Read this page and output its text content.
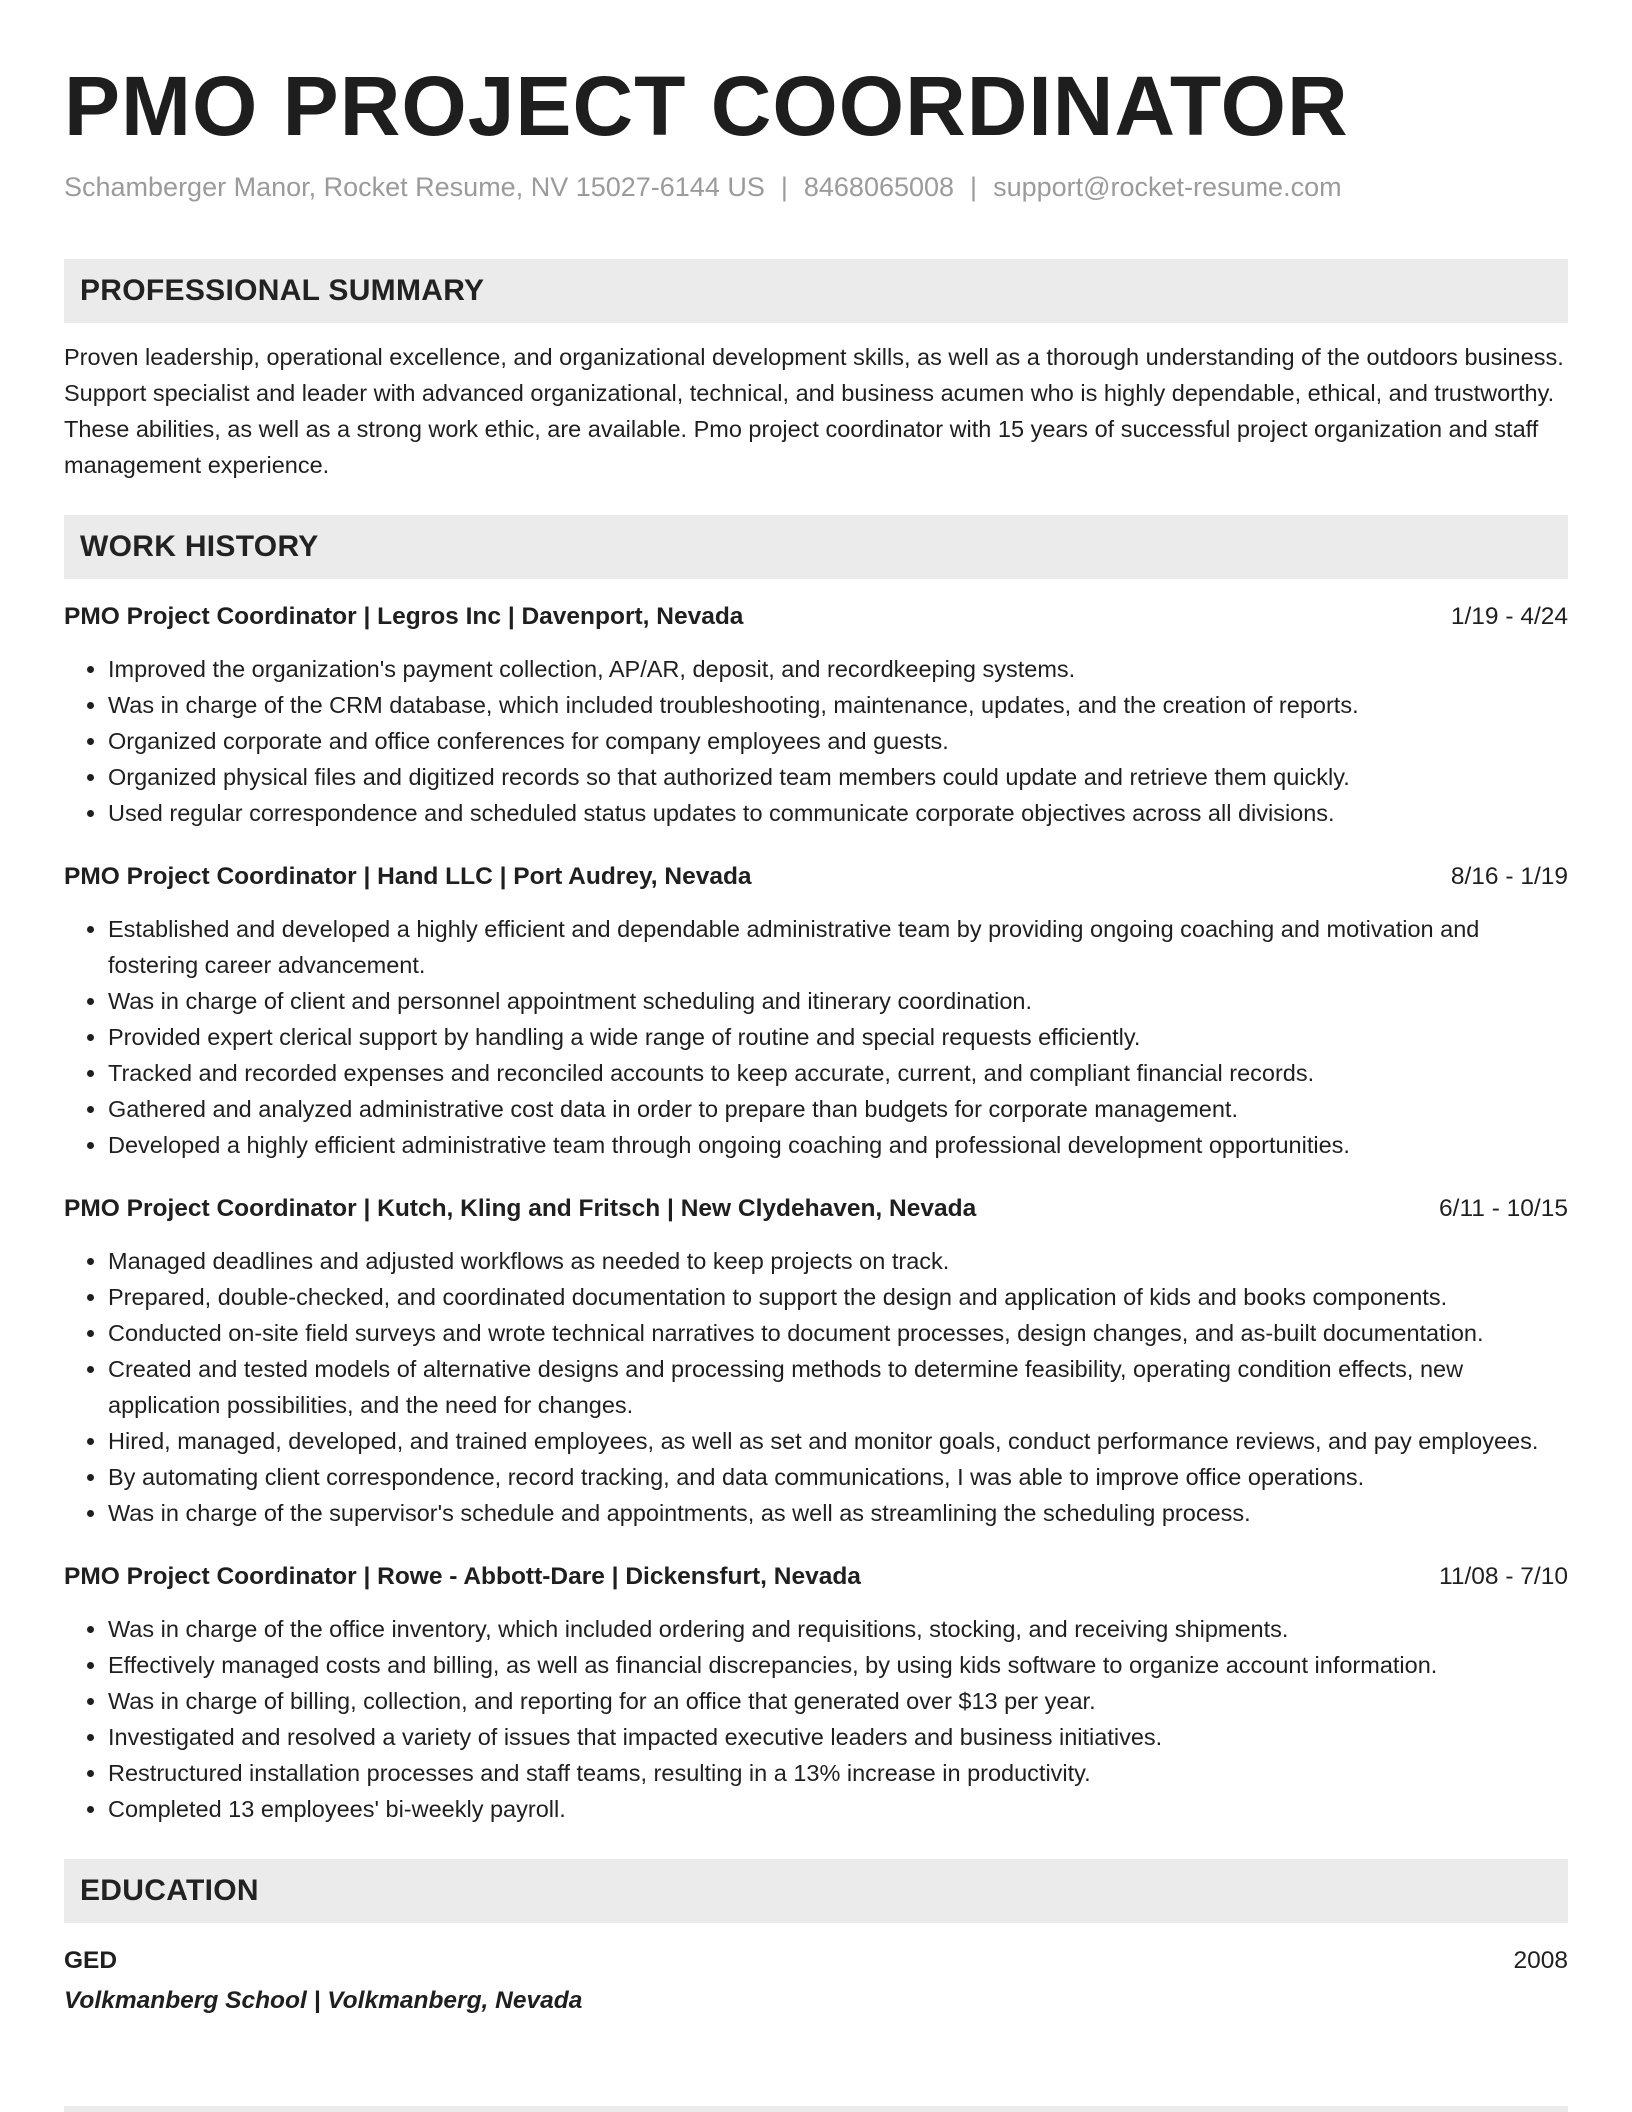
PMO PROJECT COORDINATOR
Schamberger Manor, Rocket Resume, NV 15027-6144 US | 8468065008 | support@rocket-resume.com
PROFESSIONAL SUMMARY

Proven leadership, operational excellence, and organizational development skills, as well as a thorough understanding of the outdoors business. Support specialist and leader with advanced organizational, technical, and business acumen who is highly dependable, ethical, and trustworthy. These abilities, as well as a strong work ethic, are available. Pmo project coordinator with 15 years of successful project organization and staff management experience.

WORK HISTORY
PMO Project Coordinator | Legros Inc | Davenport, Nevada	1/19 - 4/24
• Improved the organization's payment collection, AP/AR, deposit, and recordkeeping systems.
• Was in charge of the CRM database, which included troubleshooting, maintenance, updates, and the creation of reports.
• Organized corporate and office conferences for company employees and guests.
• Organized physical files and digitized records so that authorized team members could update and retrieve them quickly.
• Used regular correspondence and scheduled status updates to communicate corporate objectives across all divisions.
PMO Project Coordinator | Hand LLC | Port Audrey, Nevada	8/16 - 1/19
• Established and developed a highly efficient and dependable administrative team by providing ongoing coaching and motivation and fostering career advancement.
• Was in charge of client and personnel appointment scheduling and itinerary coordination.
• Provided expert clerical support by handling a wide range of routine and special requests efficiently.
• Tracked and recorded expenses and reconciled accounts to keep accurate, current, and compliant financial records.
• Gathered and analyzed administrative cost data in order to prepare than budgets for corporate management.
• Developed a highly efficient administrative team through ongoing coaching and professional development opportunities.
PMO Project Coordinator | Kutch, Kling and Fritsch | New Clydehaven, Nevada	6/11 - 10/15
• Managed deadlines and adjusted workflows as needed to keep projects on track.
• Prepared, double-checked, and coordinated documentation to support the design and application of kids and books components.
• Conducted on-site field surveys and wrote technical narratives to document processes, design changes, and as-built documentation.
• Created and tested models of alternative designs and processing methods to determine feasibility, operating condition effects, new application possibilities, and the need for changes.
• Hired, managed, developed, and trained employees, as well as set and monitor goals, conduct performance reviews, and pay employees.
• By automating client correspondence, record tracking, and data communications, I was able to improve office operations.
• Was in charge of the supervisor's schedule and appointments, as well as streamlining the scheduling process.
PMO Project Coordinator | Rowe - Abbott-Dare | Dickensfurt, Nevada	11/08 - 7/10
• Was in charge of the office inventory, which included ordering and requisitions, stocking, and receiving shipments.
• Effectively managed costs and billing, as well as financial discrepancies, by using kids software to organize account information.
• Was in charge of billing, collection, and reporting for an office that generated over $13 per year.
• Investigated and resolved a variety of issues that impacted executive leaders and business initiatives.
• Restructured installation processes and staff teams, resulting in a 13% increase in productivity.
• Completed 13 employees' bi-weekly payroll.
EDUCATION
GED	2008
Volkmanberg School | Volkmanberg, Nevada
